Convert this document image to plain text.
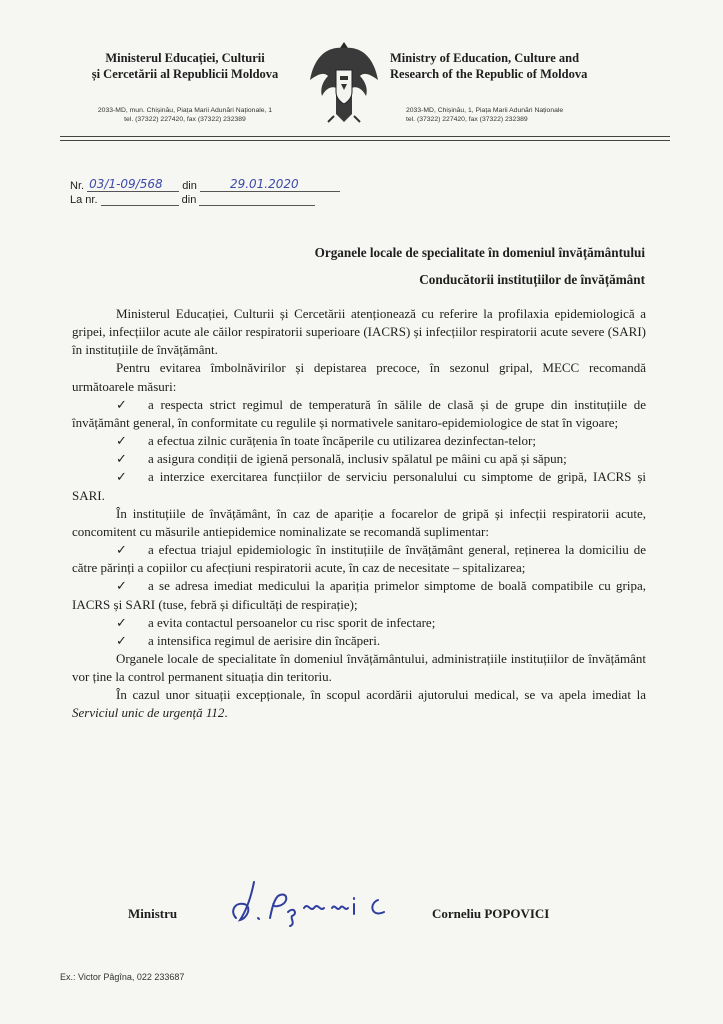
Ministerul Educației, Culturii

și Cercetării al Republicii Moldova

2033-MD, mun. Chișinău, Piața Marii Adunări Naționale, 1
tel. (37322) 227420, fax (37322) 232389

Ministry of Education, Culture and

Research of the Republic of Moldova

2033-MD, Chișinău, 1, Piața Marii Adunări Naționale
tel. (37322) 227420, fax (37322) 232389
Nr. 03/1-09/568 din	29.01.2020
La nr.	din
Organele locale de specialitate în domeniul învățământului
Conducătorii instituțiilor de învățământ

Ministerul Educației, Culturii și Cercetării atenționează cu referire la profilaxia epidemiologică a gripei, infecțiilor acute ale căilor respiratorii superioare (IACRS) și infecțiilor respiratorii acute severe (SARI) în instituțiile de învățământ.

Pentru evitarea îmbolnăvirilor și depistarea precoce, în sezonul gripal, MECC recomandă următoarele măsuri:

✓ a respecta strict regimul de temperatură în sălile de clasă și de grupe din instituțiile de învățământ general, în conformitate cu regulile și normativele sanitaro-epidemiologice de stat în vigoare;

✓ a efectua zilnic curățenia în toate încăperile cu utilizarea dezinfectan-telor;

✓ a asigura condiții de igienă personală, inclusiv spălatul pe mâini cu apă și săpun;

✓ a interzice exercitarea funcțiilor de serviciu personalului cu simptome de gripă, IACRS și SARI.

În instituțiile de învățământ, în caz de apariție a focarelor de gripă și infecții respiratorii acute, concomitent cu măsurile antiepidemice nominalizate se recomandă suplimentar:

✓ a efectua triajul epidemiologic în instituțiile de învățământ general, reținerea la domiciliu de către părinți a copiilor cu afecțiuni respiratorii acute, în caz de necesitate – spitalizarea;

✓ a se adresa imediat medicului la apariția primelor simptome de boală compatibile cu gripa, IACRS și SARI (tuse, febră și dificultăți de respirație);

✓ a evita contactul persoanelor cu risc sporit de infectare;

✓ a intensifica regimul de aerisire din încăperi.

Organele locale de specialitate în domeniul învățământului, administrațiile instituțiilor de învățământ vor ține la control permanent situația din teritoriu.

În cazul unor situații excepționale, în scopul acordării ajutorului medical, se va apela imediat la Serviciul unic de urgență 112.

Ministru	Corneliu POPOVICI
Ex.: Victor Pâgîna, 022 233687
